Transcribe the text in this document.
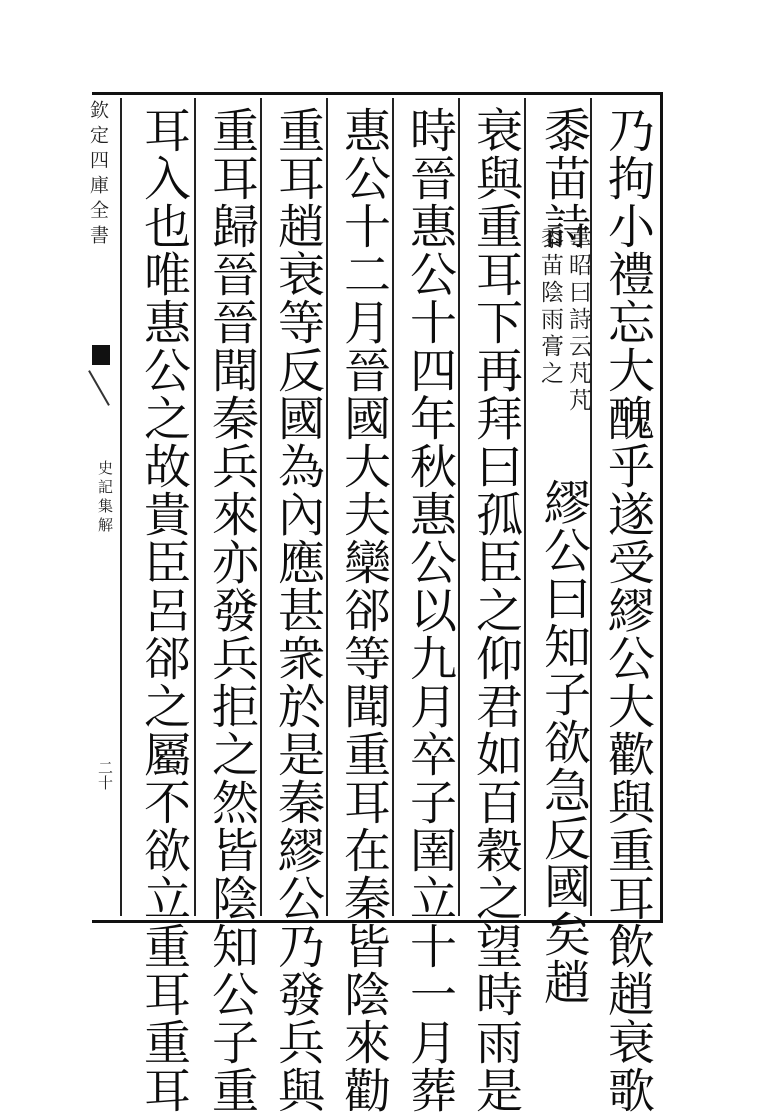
欽定四庫全書
史記集解
二十	乃拘小禮忘大醜乎遂受繆公大歡與重耳飲趙衰歌
黍苗詩
韋昭曰詩云芃芃
黍苗陰雨膏之
繆公曰知子欲急反國矣趙
衰與重耳下再拜曰孤臣之仰君如百穀之望時雨是
時晉惠公十四年秋惠公以九月卒子圉立十一月葬
惠公十二月晉國大夫欒郤等聞重耳在秦皆陰來勸
重耳趙衰等反國為內應甚衆於是秦繆公乃發兵與
重耳歸晉晉聞秦兵來亦發兵拒之然皆陰知公子重
耳入也唯惠公之故貴臣呂郤之屬不欲立重耳重耳
